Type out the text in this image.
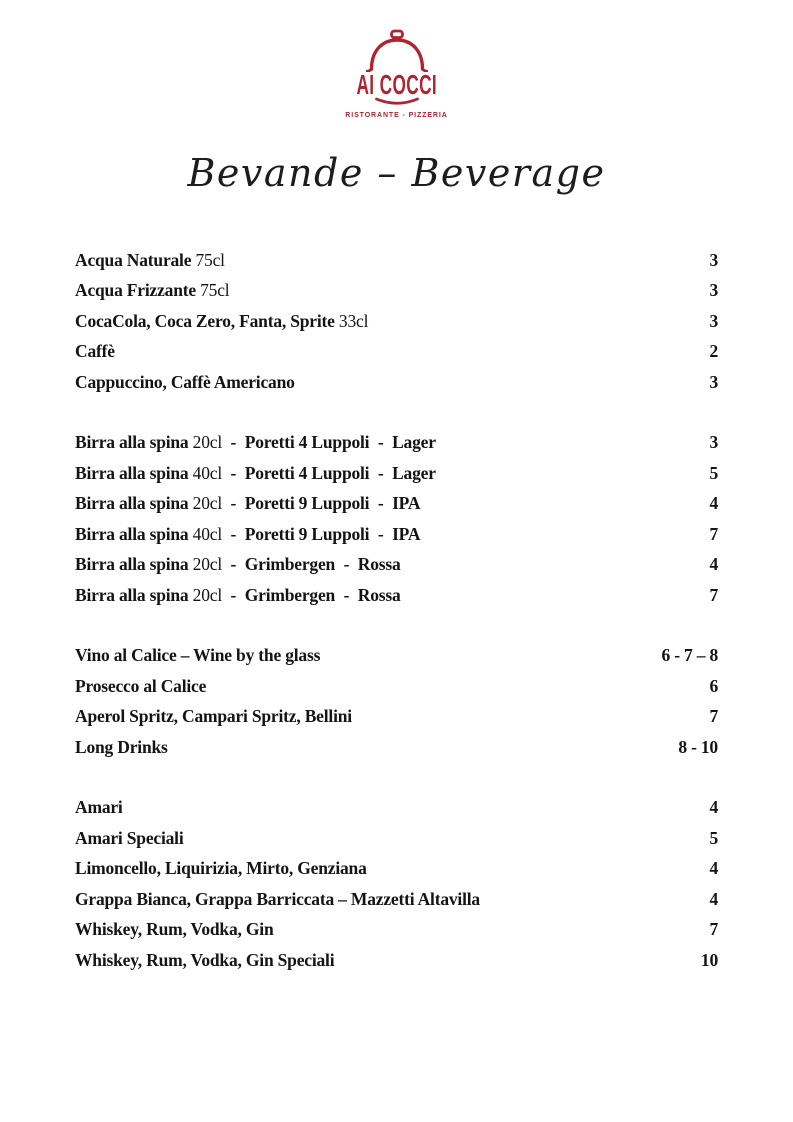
AI COCCI
RISTORANTE - PIZZERIA
Bevande – Beverage
Acqua Naturale 75cl	3
Acqua Frizzante 75cl	3
CocaCola, Coca Zero, Fanta, Sprite 33cl	3
Caffè	2
Cappuccino, Caffè Americano	3
Birra alla spina 20cl - Poretti 4 Luppoli - Lager	3
Birra alla spina 40cl - Poretti 4 Luppoli - Lager	5
Birra alla spina 20cl - Poretti 9 Luppoli - IPA	4
Birra alla spina 40cl - Poretti 9 Luppoli - IPA	7
Birra alla spina 20cl - Grimbergen - Rossa	4
Birra alla spina 20cl - Grimbergen - Rossa	7
Vino al Calice – Wine by the glass	6 - 7 – 8
Prosecco al Calice	6
Aperol Spritz, Campari Spritz, Bellini	7
Long Drinks	8 - 10
Amari	4
Amari Speciali	5
Limoncello, Liquirizia, Mirto, Genziana	4
Grappa Bianca, Grappa Barriccata – Mazzetti Altavilla	4
Whiskey, Rum, Vodka, Gin	7
Whiskey, Rum, Vodka, Gin Speciali	10
